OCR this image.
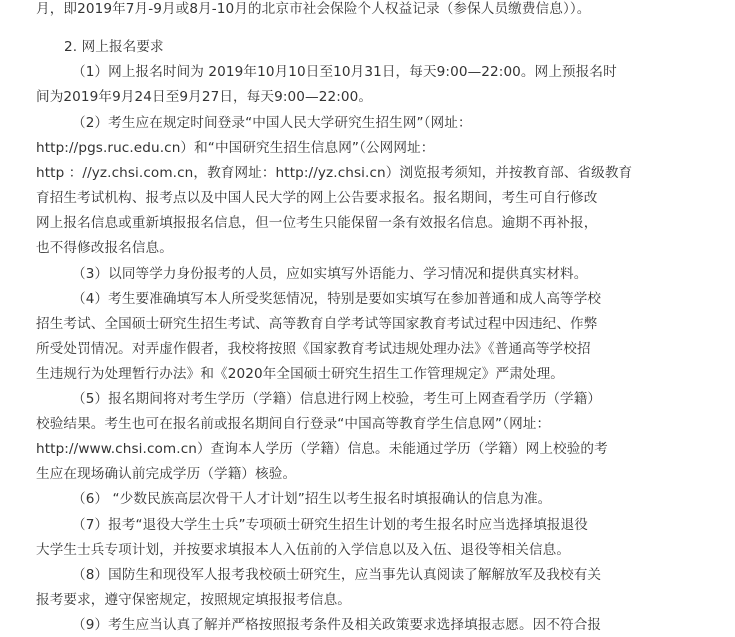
月，即2019年7月-9月或8月-10月的北京市社会保险个人权益记录（参保人员缴费信息））。
2. 网上报名要求
（1）网上报名时间为 2019年10月10日至10月31日，每天9:00—22:00。网上预报名时
间为2019年9月24日至9月27日，每天9:00—22:00。
（2）考生应在规定时间登录“中国人民大学研究生招生网”（网址：
http://pgs.ruc.edu.cn）和“中国研究生招生信息网”（公网网址：
http ：//yz.chsi.com.cn，教育网址：http://yz.chsi.cn）浏览报考须知，并按教育部、省级教育
育招生考试机构、报考点以及中国人民大学的网上公告要求报名。报名期间，考生可自行修改
网上报名信息或重新填报报名信息，但一位考生只能保留一条有效报名信息。逾期不再补报，
也不得修改报名信息。
（3）以同等学力身份报考的人员，应如实填写外语能力、学习情况和提供真实材料。
（4）考生要准确填写本人所受奖惩情况，特别是要如实填写在参加普通和成人高等学校
招生考试、全国硕士研究生招生考试、高等教育自学考试等国家教育考试过程中因违纪、作弊
所受处罚情况。对弄虚作假者，我校将按照《国家教育考试违规处理办法》《普通高等学校招
生违规行为处理暂行办法》和《2020年全国硕士研究生招生工作管理规定》严肃处理。
（5）报名期间将对考生学历（学籍）信息进行网上校验，考生可上网查看学历（学籍）
校验结果。考生也可在报名前或报名期间自行登录“中国高等教育学生信息网”（网址：
http://www.chsi.com.cn）查询本人学历（学籍）信息。未能通过学历（学籍）网上校验的考
生应在现场确认前完成学历（学籍）核验。
（6） “少数民族高层次骨干人才计划”招生以考生报名时填报确认的信息为准。
（7）报考“退役大学生士兵”专项硕士研究生招生计划的考生报名时应当选择填报退役
大学生士兵专项计划，并按要求填报本人入伍前的入学信息以及入伍、退役等相关信息。
（8）国防生和现役军人报考我校硕士研究生，应当事先认真阅读了解解放军及我校有关
报考要求，遵守保密规定，按照规定填报报考信息。
（9）考生应当认真了解并严格按照报考条件及相关政策要求选择填报志愿。因不符合报
